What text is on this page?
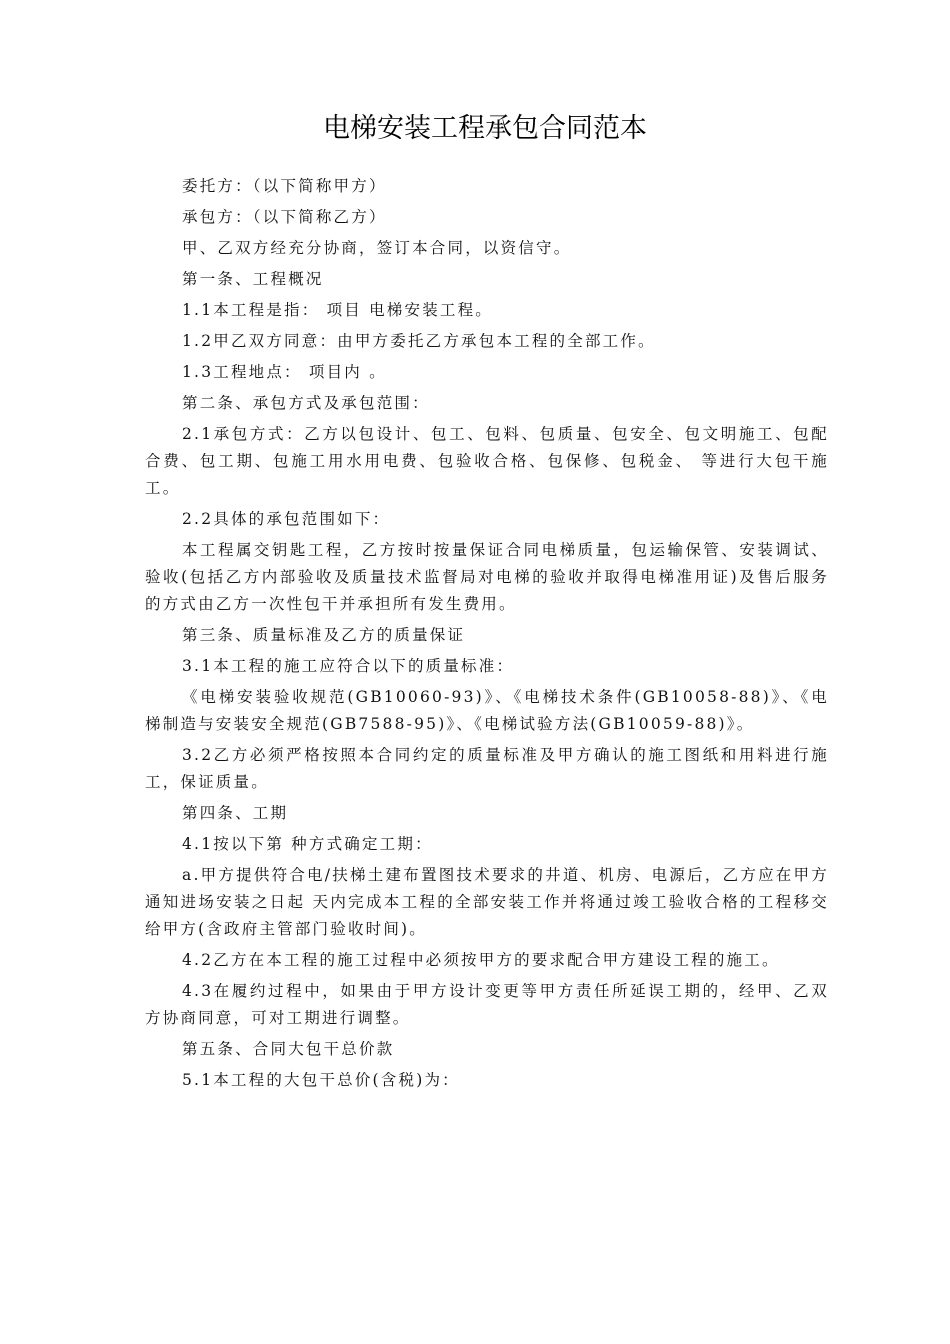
电梯安装工程承包合同范本

委托方：（以下简称甲方）

承包方：（以下简称乙方）

甲、乙双方经充分协商，签订本合同，以资信守。

第一条、工程概况

1.1本工程是指： 项目 电梯安装工程。

1.2甲乙双方同意：由甲方委托乙方承包本工程的全部工作。

1.3工程地点： 项目内 。

第二条、承包方式及承包范围：

2.1承包方式：乙方以包设计、包工、包料、包质量、包安全、包文明施工、包配合费、包工期、包施工用水用电费、包验收合格、包保修、包税金、 等进行大包干施工。

2.2具体的承包范围如下：

本工程属交钥匙工程，乙方按时按量保证合同电梯质量，包运输保管、安装调试、验收(包括乙方内部验收及质量技术监督局对电梯的验收并取得电梯准用证)及售后服务的方式由乙方一次性包干并承担所有发生费用。

第三条、质量标准及乙方的质量保证

3.1本工程的施工应符合以下的质量标准：

《电梯安装验收规范(GB10060-93)》、《电梯技术条件(GB10058-88)》、《电梯制造与安装安全规范(GB7588-95)》、《电梯试验方法(GB10059-88)》。

3.2乙方必须严格按照本合同约定的质量标准及甲方确认的施工图纸和用料进行施工，保证质量。

第四条、工期

4.1按以下第 种方式确定工期：

a.甲方提供符合电/扶梯土建布置图技术要求的井道、机房、电源后，乙方应在甲方通知进场安装之日起 天内完成本工程的全部安装工作并将通过竣工验收合格的工程移交给甲方(含政府主管部门验收时间)。

4.2乙方在本工程的施工过程中必须按甲方的要求配合甲方建设工程的施工。

4.3在履约过程中，如果由于甲方设计变更等甲方责任所延误工期的，经甲、乙双方协商同意，可对工期进行调整。

第五条、合同大包干总价款

5.1本工程的大包干总价(含税)为：
